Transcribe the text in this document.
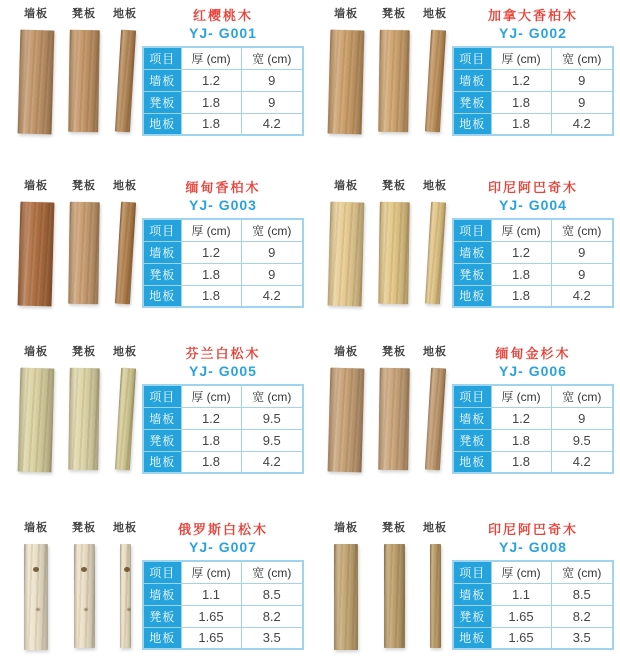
墙板 凳板 地板	红樱桃木
YJ- G001
项目	厚 (cm)	宽 (cm)
墙板	1.2	9
凳板	1.8	9
地板	1.8	4.2
墙板 凳板 地板	加拿大香柏木
YJ- G002
项目	厚 (cm)	宽 (cm)
墙板	1.2	9
凳板	1.8	9
地板	1.8	4.2
墙板 凳板 地板	缅甸香柏木
YJ- G003
项目	厚 (cm)	宽 (cm)
墙板	1.2	9
凳板	1.8	9
地板	1.8	4.2
墙板 凳板 地板	印尼阿巴奇木
YJ- G004
项目	厚 (cm)	宽 (cm)
墙板	1.2	9
凳板	1.8	9
地板	1.8	4.2
墙板 凳板 地板	芬兰白松木
YJ- G005
项目	厚 (cm)	宽 (cm)
墙板	1.2	9.5
凳板	1.8	9.5
地板	1.8	4.2
墙板 凳板 地板	缅甸金杉木
YJ- G006
项目	厚 (cm)	宽 (cm)
墙板	1.2	9
凳板	1.8	9.5
地板	1.8	4.2
墙板 凳板 地板	俄罗斯白松木
YJ- G007
项目	厚 (cm)	宽 (cm)
墙板	1.1	8.5
凳板	1.65	8.2
地板	1.65	3.5
墙板 凳板 地板	印尼阿巴奇木
YJ- G008
项目	厚 (cm)	宽 (cm)
墙板	1.1	8.5
凳板	1.65	8.2
地板	1.65	3.5
